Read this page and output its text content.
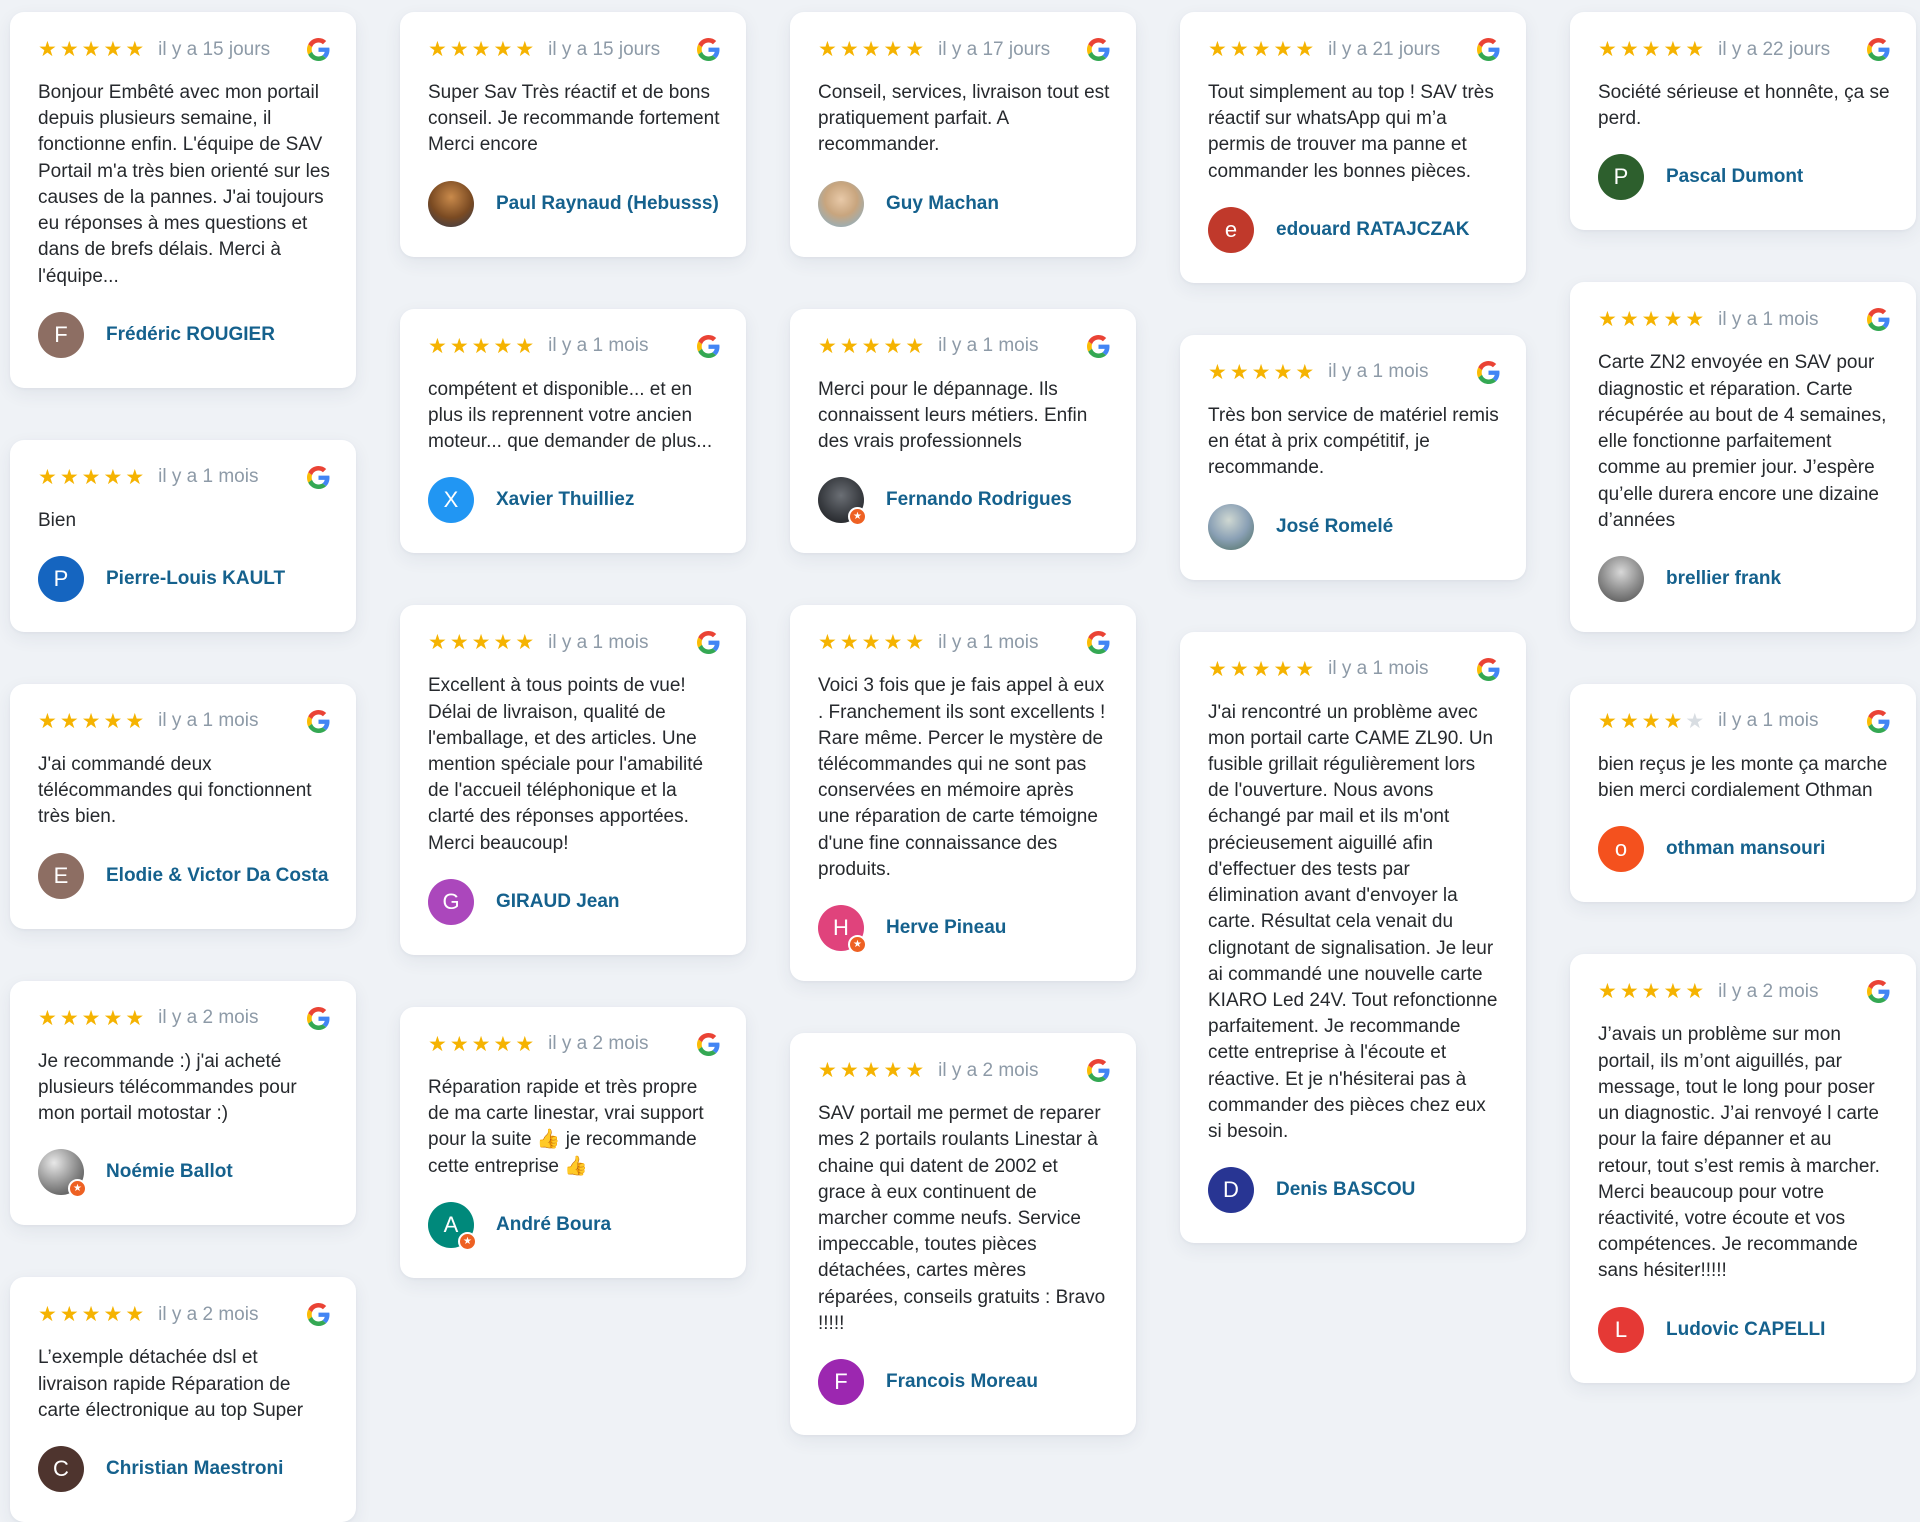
★ ★ ★ ★ ★ il y a 15 jours
Bonjour Embêté avec mon portail depuis plusieurs semaine, il fonctionne enfin. L'équipe de SAV Portail m'a très bien orienté sur les causes de la pannes. J'ai toujours eu réponses à mes questions et dans de brefs délais. Merci à l'équipe...
F	Frédéric ROUGIER
★ ★ ★ ★ ★ il y a 1 mois
Bien
P	Pierre-Louis KAULT
★ ★ ★ ★ ★ il y a 1 mois
J'ai commandé deux télécommandes qui fonctionnent très bien.
E	Elodie & Victor Da Costa
★ ★ ★ ★ ★ il y a 2 mois
Je recommande :) j'ai acheté plusieurs télécommandes pour mon portail motostar :)
★
Noémie Ballot
★ ★ ★ ★ ★ il y a 2 mois
L’exemple détachée dsl et livraison rapide Réparation de carte électronique au top Super
C	Christian Maestroni
★ ★ ★ ★ ★ il y a 15 jours
Super Sav Très réactif et de bons conseil. Je recommande fortement Merci encore
Paul Raynaud (Hebusss)
★ ★ ★ ★ ★ il y a 1 mois
compétent et disponible... et en plus ils reprennent votre ancien moteur... que demander de plus...
X	Xavier Thuilliez
★ ★ ★ ★ ★ il y a 1 mois
Excellent à tous points de vue! Délai de livraison, qualité de l'emballage, et des articles. Une mention spéciale pour l'amabilité de l'accueil téléphonique et la clarté des réponses apportées. Merci beaucoup!
G	GIRAUD Jean
★ ★ ★ ★ ★ il y a 2 mois
Réparation rapide et très propre de ma carte linestar, vrai support pour la suite 👍 je recommande cette entreprise 👍
★
A	André Boura
★ ★ ★ ★ ★ il y a 17 jours
Conseil, services, livraison tout est pratiquement parfait. A recommander.
Guy Machan
★ ★ ★ ★ ★ il y a 1 mois
Merci pour le dépannage. Ils connaissent leurs métiers. Enfin des vrais professionnels
★
Fernando Rodrigues
★ ★ ★ ★ ★ il y a 1 mois
Voici 3 fois que je fais appel à eux . Franchement ils sont excellents ! Rare même. Percer le mystère de télécommandes qui ne sont pas conservées en mémoire après une réparation de carte témoigne d'une fine connaissance des produits.
★
H	Herve Pineau
★ ★ ★ ★ ★ il y a 2 mois
SAV portail me permet de reparer mes 2 portails roulants Linestar à chaine qui datent de 2002 et grace à eux continuent de marcher comme neufs. Service impeccable, toutes pièces détachées, cartes mères réparées, conseils gratuits : Bravo !!!!!
F	Francois Moreau
★ ★ ★ ★ ★ il y a 21 jours
Tout simplement au top ! SAV très réactif sur whatsApp qui m’a permis de trouver ma panne et commander les bonnes pièces.
e	edouard RATAJCZAK
★ ★ ★ ★ ★ il y a 1 mois
Très bon service de matériel remis en état à prix compétitif, je recommande.
José Romelé
★ ★ ★ ★ ★ il y a 1 mois
J'ai rencontré un problème avec mon portail carte CAME ZL90. Un fusible grillait régulièrement lors de l'ouverture. Nous avons échangé par mail et ils m'ont précieusement aiguillé afin d'effectuer des tests par élimination avant d'envoyer la carte. Résultat cela venait du clignotant de signalisation. Je leur ai commandé une nouvelle carte KIARO Led 24V. Tout refonctionne parfaitement. Je recommande cette entreprise à l'écoute et réactive. Et je n'hésiterai pas à commander des pièces chez eux si besoin.
D	Denis BASCOU
★ ★ ★ ★ ★ il y a 22 jours
Société sérieuse et honnête, ça se perd.
P	Pascal Dumont
★ ★ ★ ★ ★ il y a 1 mois
Carte ZN2 envoyée en SAV pour diagnostic et réparation. Carte récupérée au bout de 4 semaines, elle fonctionne parfaitement comme au premier jour. J’espère qu’elle durera encore une dizaine d’années
brellier frank
★ ★ ★ ★ ★ il y a 1 mois
bien reçus je les monte ça marche bien merci cordialement Othman
o	othman mansouri
★ ★ ★ ★ ★ il y a 2 mois
J’avais un problème sur mon portail, ils m’ont aiguillés, par message, tout le long pour poser un diagnostic. J’ai renvoyé l carte pour la faire dépanner et au retour, tout s’est remis à marcher. Merci beaucoup pour votre réactivité, votre écoute et vos compétences. Je recommande sans hésiter!!!!!
L	Ludovic CAPELLI
